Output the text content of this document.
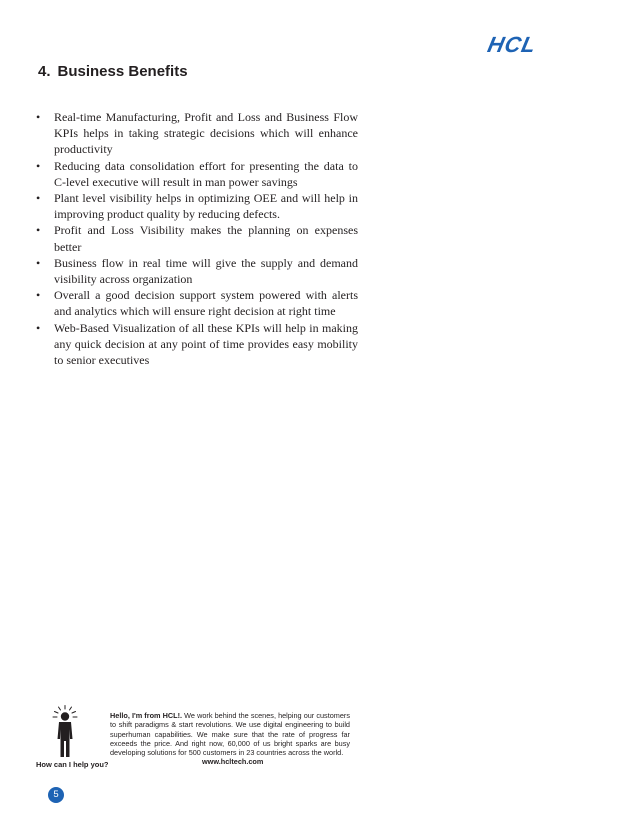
HCL
4. Business Benefits
• Real-time Manufacturing, Profit and Loss and Business Flow KPIs helps in taking strategic decisions which will enhance productivity
• Reducing data consolidation effort for presenting the data to C-level executive will result in man power savings
• Plant level visibility helps in optimizing OEE and will help in improving product quality by reducing defects.
• Profit and Loss Visibility makes the planning on expenses better
• Business flow in real time will give the supply and demand visibility across organization
• Overall a good decision support system powered with alerts and analytics which will ensure right decision at right time
• Web-Based Visualization of all these KPIs will help in making any quick decision at any point of time provides easy mobility to senior executives
How can I help you?
Hello, I'm from HCL!. We work behind the scenes, helping our customers to shift paradigms & start revolutions. We use digital engineering to build superhuman capabilities. We make sure that the rate of progress far exceeds the price. And right now, 60,000 of us bright sparks are busy developing solutions for 500 customers in 23 countries across the world.
www.hcltech.com
5
